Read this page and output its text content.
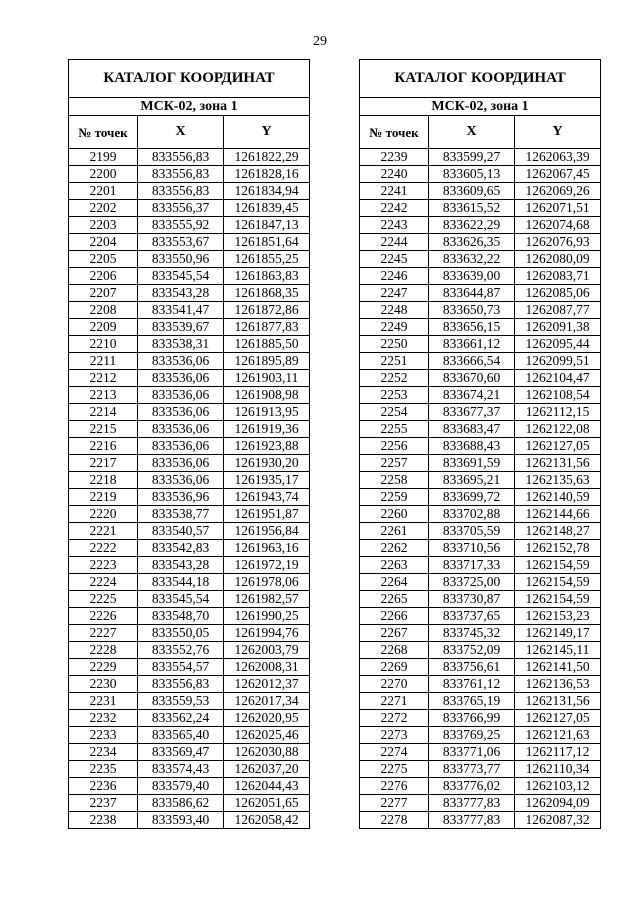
29
КАТАЛОГ КООРДИНАТ		
МСК-02, зона 1		
№ точек	X	Y
2199	833556,83	1261822,29
2200	833556,83	1261828,16
2201	833556,83	1261834,94
2202	833556,37	1261839,45
2203	833555,92	1261847,13
2204	833553,67	1261851,64
2205	833550,96	1261855,25
2206	833545,54	1261863,83
2207	833543,28	1261868,35
2208	833541,47	1261872,86
2209	833539,67	1261877,83
2210	833538,31	1261885,50
2211	833536,06	1261895,89
2212	833536,06	1261903,11
2213	833536,06	1261908,98
2214	833536,06	1261913,95
2215	833536,06	1261919,36
2216	833536,06	1261923,88
2217	833536,06	1261930,20
2218	833536,06	1261935,17
2219	833536,96	1261943,74
2220	833538,77	1261951,87
2221	833540,57	1261956,84
2222	833542,83	1261963,16
2223	833543,28	1261972,19
2224	833544,18	1261978,06
2225	833545,54	1261982,57
2226	833548,70	1261990,25
2227	833550,05	1261994,76
2228	833552,76	1262003,79
2229	833554,57	1262008,31
2230	833556,83	1262012,37
2231	833559,53	1262017,34
2232	833562,24	1262020,95
2233	833565,40	1262025,46
2234	833569,47	1262030,88
2235	833574,43	1262037,20
2236	833579,40	1262044,43
2237	833586,62	1262051,65
2238	833593,40	1262058,42
КАТАЛОГ КООРДИНАТ		
МСК-02, зона 1		
№ точек	X	Y
2239	833599,27	1262063,39
2240	833605,13	1262067,45
2241	833609,65	1262069,26
2242	833615,52	1262071,51
2243	833622,29	1262074,68
2244	833626,35	1262076,93
2245	833632,22	1262080,09
2246	833639,00	1262083,71
2247	833644,87	1262085,06
2248	833650,73	1262087,77
2249	833656,15	1262091,38
2250	833661,12	1262095,44
2251	833666,54	1262099,51
2252	833670,60	1262104,47
2253	833674,21	1262108,54
2254	833677,37	1262112,15
2255	833683,47	1262122,08
2256	833688,43	1262127,05
2257	833691,59	1262131,56
2258	833695,21	1262135,63
2259	833699,72	1262140,59
2260	833702,88	1262144,66
2261	833705,59	1262148,27
2262	833710,56	1262152,78
2263	833717,33	1262154,59
2264	833725,00	1262154,59
2265	833730,87	1262154,59
2266	833737,65	1262153,23
2267	833745,32	1262149,17
2268	833752,09	1262145,11
2269	833756,61	1262141,50
2270	833761,12	1262136,53
2271	833765,19	1262131,56
2272	833766,99	1262127,05
2273	833769,25	1262121,63
2274	833771,06	1262117,12
2275	833773,77	1262110,34
2276	833776,02	1262103,12
2277	833777,83	1262094,09
2278	833777,83	1262087,32
